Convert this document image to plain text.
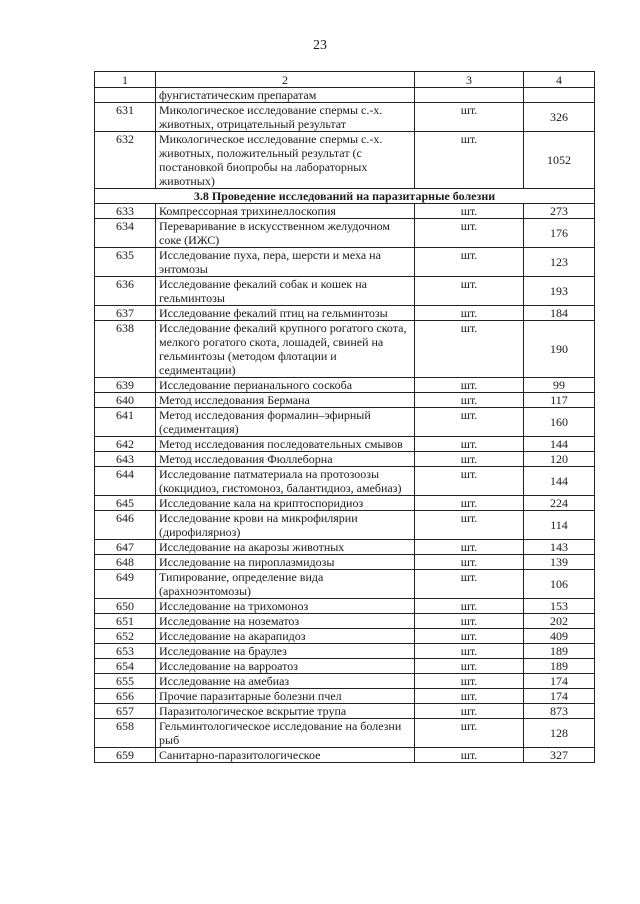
23
1	2	3	4
	фунгистатическим препаратам		
631	Микологическое исследование спермы с.-х. животных, отрицательный результат	шт.	326
632	Микологическое исследование спермы с.-х. животных, положительный результат (с постановкой биопробы на лабораторных животных)	шт.	1052
3.8 Проведение исследований на паразитарные болезни			
633	Компрессорная трихинеллоскопия	шт.	273
634	Переваривание в искусственном желудочном соке (ИЖС)	шт.	176
635	Исследование пуха, пера, шерсти и меха на энтомозы	шт.	123
636	Исследование фекалий собак и кошек на гельминтозы	шт.	193
637	Исследование фекалий птиц на гельминтозы	шт.	184
638	Исследование фекалий крупного рогатого скота, мелкого рогатого скота, лошадей, свиней на гельминтозы (методом флотации и седиментации)	шт.	190
639	Исследование перианального соскоба	шт.	99
640	Метод исследования Бермана	шт.	117
641	Метод исследования формалин–эфирный (седиментация)	шт.	160
642	Метод исследования последовательных смывов	шт.	144
643	Метод исследования Фюллеборна	шт.	120
644	Исследование патматериала на протозоозы (кокцидиоз, гистомоноз, балантидиоз, амебиаз)	шт.	144
645	Исследование кала на криптоспоридиоз	шт.	224
646	Исследование крови на микрофилярии (дирофиляриоз)	шт.	114
647	Исследование на акарозы животных	шт.	143
648	Исследование на пироплазмидозы	шт.	139
649	Типирование, определение вида (арахноэнтомозы)	шт.	106
650	Исследование на трихомоноз	шт.	153
651	Исследование на нозематоз	шт.	202
652	Исследование на акарапидоз	шт.	409
653	Исследование на браулез	шт.	189
654	Исследование на варроатоз	шт.	189
655	Исследование на амебиаз	шт.	174
656	Прочие паразитарные болезни пчел	шт.	174
657	Паразитологическое вскрытие трупа	шт.	873
658	Гельминтологическое исследование на болезни рыб	шт.	128
659	Санитарно-паразитологическое	шт.	327
